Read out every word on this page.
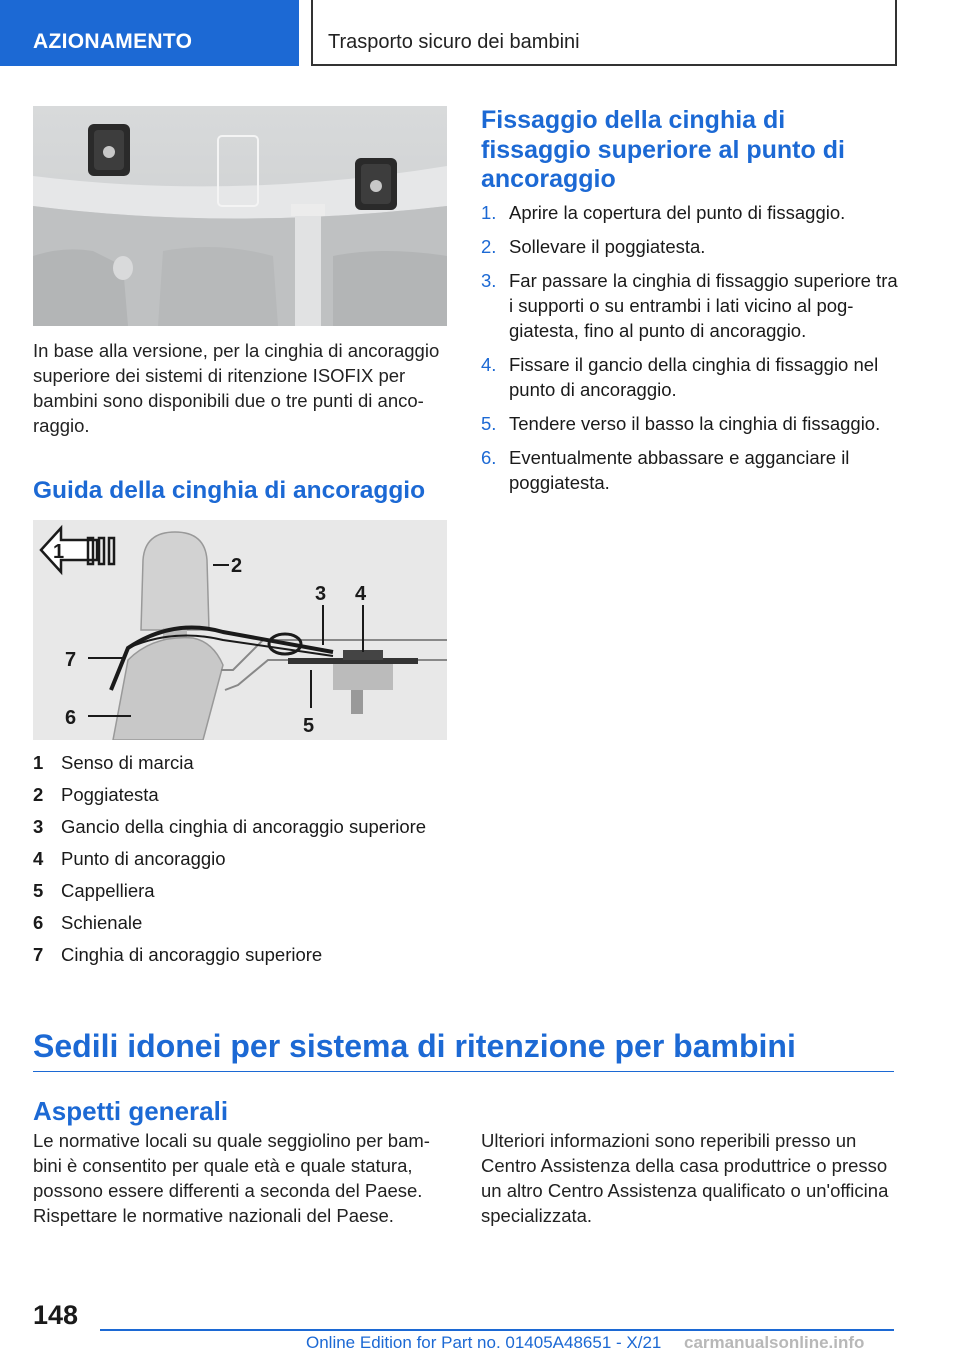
AZIONAMENTO	Trasporto sicuro dei bambini
In base alla versione, per la cinghia di ancoraggio superiore dei sistemi di ritenzione ISOFIX per bambini sono disponibili due o tre punti di anco-raggio.
Guida della cinghia di ancoraggio
1
2
3 4
5
6
7
1 Senso di marcia
2 Poggiatesta
3 Gancio della cinghia di ancoraggio superiore
4 Punto di ancoraggio
5 Cappelliera
6 Schienale
7 Cinghia di ancoraggio superiore
Fissaggio della cinghia di fissaggio superiore al punto di ancoraggio
1. Aprire la copertura del punto di fissaggio.
2. Sollevare il poggiatesta.
3. Far passare la cinghia di fissaggio superiore tra i supporti o su entrambi i lati vicino al pog-giatesta, fino al punto di ancoraggio.
4. Fissare il gancio della cinghia di fissaggio nel punto di ancoraggio.
5. Tendere verso il basso la cinghia di fissaggio.
6. Eventualmente abbassare e agganciare il poggiatesta.
Sedili idonei per sistema di ritenzione per bambini
Aspetti generali
Le normative locali su quale seggiolino per bam-bini è consentito per quale età e quale statura, possono essere differenti a seconda del Paese. Rispettare le normative nazionali del Paese.
Ulteriori informazioni sono reperibili presso un Centro Assistenza della casa produttrice o presso un altro Centro Assistenza qualificato o un'officina specializzata.
148
Online Edition for Part no. 01405A48651 - X/21 carmanualsonline.info
